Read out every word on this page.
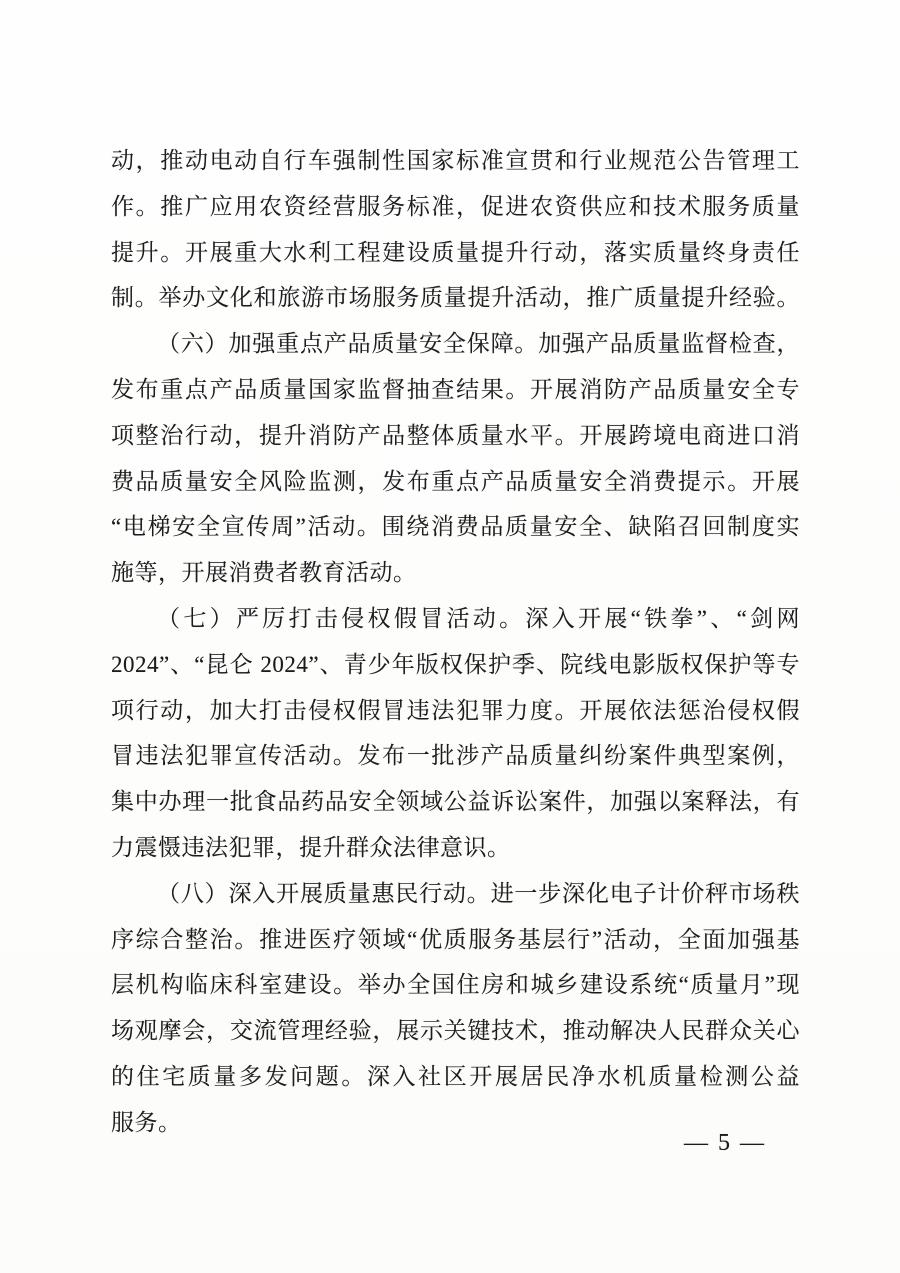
动，推动电动自行车强制性国家标准宣贯和行业规范公告管理工
作。推广应用农资经营服务标准，促进农资供应和技术服务质量
提升。开展重大水利工程建设质量提升行动，落实质量终身责任
制。举办文化和旅游市场服务质量提升活动，推广质量提升经验。
（六）加强重点产品质量安全保障。加强产品质量监督检查，
发布重点产品质量国家监督抽查结果。开展消防产品质量安全专
项整治行动，提升消防产品整体质量水平。开展跨境电商进口消
费品质量安全风险监测，发布重点产品质量安全消费提示。开展
“电梯安全宣传周”活动。围绕消费品质量安全、缺陷召回制度实
施等，开展消费者教育活动。
（七）严厉打击侵权假冒活动。深入开展“铁拳”、“剑网
2024”、“昆仑 2024”、青少年版权保护季、院线电影版权保护等专
项行动，加大打击侵权假冒违法犯罪力度。开展依法惩治侵权假
冒违法犯罪宣传活动。发布一批涉产品质量纠纷案件典型案例，
集中办理一批食品药品安全领域公益诉讼案件，加强以案释法，有
力震慑违法犯罪，提升群众法律意识。
（八）深入开展质量惠民行动。进一步深化电子计价秤市场秩
序综合整治。推进医疗领域“优质服务基层行”活动，全面加强基
层机构临床科室建设。举办全国住房和城乡建设系统“质量月”现
场观摩会，交流管理经验，展示关键技术，推动解决人民群众关心
的住宅质量多发问题。深入社区开展居民净水机质量检测公益
服务。
— 5 —
